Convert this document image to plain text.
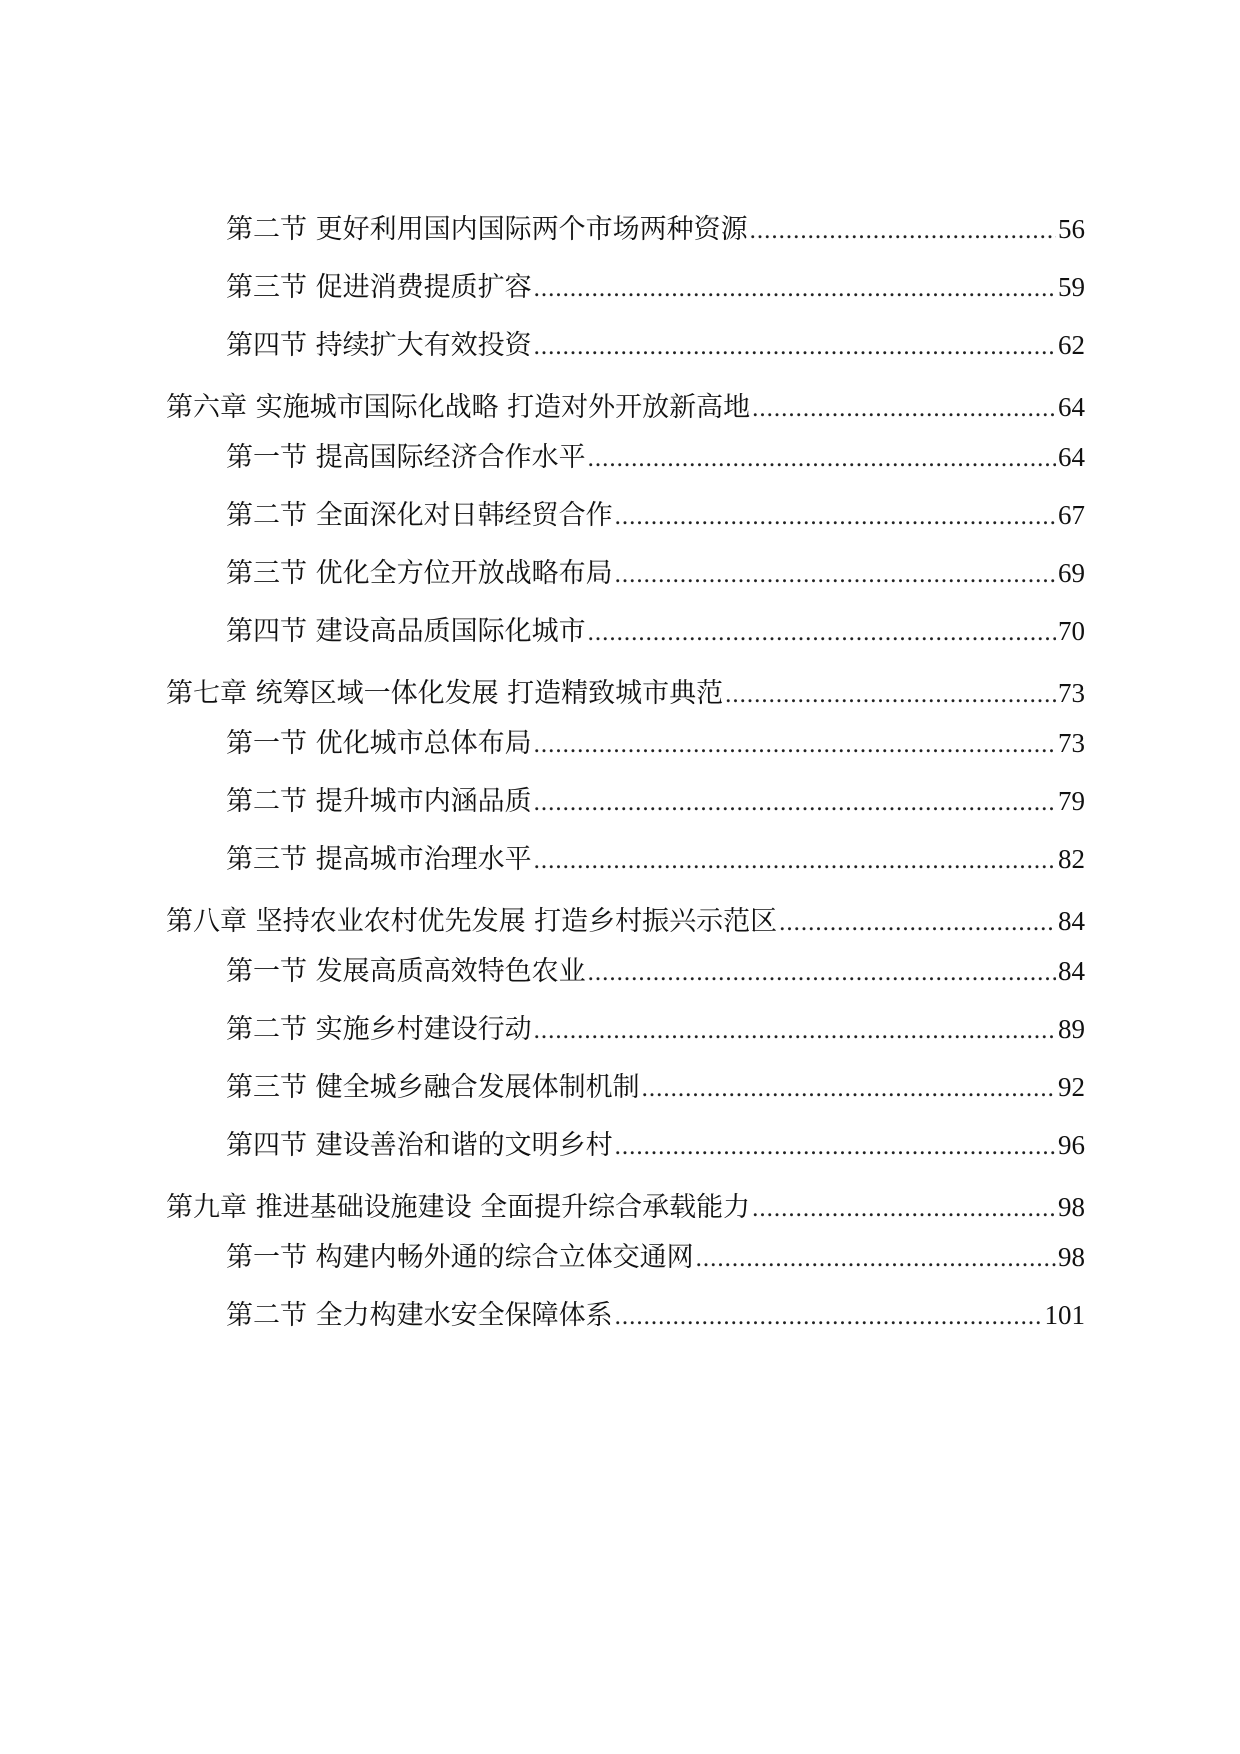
第二节 更好利用国内国际两个市场两种资源 .....	56
第三节 促进消费提质扩容 .....	59
第四节 持续扩大有效投资 .....	62
第六章 实施城市国际化战略 打造对外开放新高地 .....	64
第一节 提高国际经济合作水平 .....	64
第二节 全面深化对日韩经贸合作 .....	67
第三节 优化全方位开放战略布局 .....	69
第四节 建设高品质国际化城市 .....	70
第七章 统筹区域一体化发展 打造精致城市典范 .....	73
第一节 优化城市总体布局 .....	73
第二节 提升城市内涵品质 .....	79
第三节 提高城市治理水平 .....	82
第八章 坚持农业农村优先发展 打造乡村振兴示范区 .....	84
第一节 发展高质高效特色农业 .....	84
第二节 实施乡村建设行动 .....	89
第三节 健全城乡融合发展体制机制 .....	92
第四节 建设善治和谐的文明乡村 .....	96
第九章 推进基础设施建设 全面提升综合承载能力 .....	98
第一节 构建内畅外通的综合立体交通网 .....	98
第二节 全力构建水安全保障体系 .....	101
